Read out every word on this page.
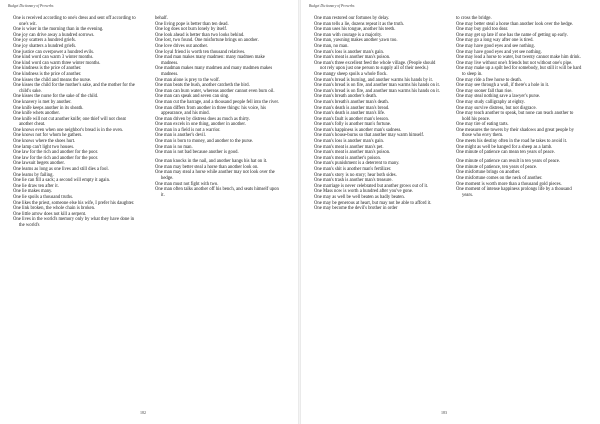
Budget Dictionary of Proverbs
One is received according to one's dress and sent off according to one's wit.
One is wiser in the morning than in the evening.
One joy can drive away a hundred sorrows.
One joy scatters a hundred griefs.
One joy shatters a hundred griefs.
One justice can overpower a hundred evils.
One kind word can warm 3 winter months.
One kind word can warm three winter months.
One kindness is the price of another.
One kindness is the price of another.
One kisses the child and means the nurse.
One kisses the child for the mother's sake, and the mother for the child's sake.
One kisses the nurse for the sake of the child.
One knavery is met by another.
One knife keeps another in its sheath.
One knife whets another.
One knife will not cut another knife; one thief will not cheat another cheat.
One knows even when one neighbor's bread is in the oven.
One knows not for whom he gathers.
One knows where the shoes hurt.
One lamp can't light two houses.
One law for the rich and another for the poor.
One law for the rich and another for the poor.
One lawsuit begets another.
One learns as long as one lives and still dies a fool.
One learns by failing.
One lie can fill a sack; a second will empty it again.
One lie draw ten after it.
One lie makes many.
One lie spoils a thousand truths.
One likes the priest, someone else his wife, I prefer his daughter.
One link broken, the whole chain is broken.
One little arrow does not kill a serpent.
One lives in the world's memory only by what they have done in the world's
behalf.
One living pope is better than ten dead.
One log does not burn lonely by itself.
One look ahead is better than two looks behind.
One lost, two found. One misfortune brings on another.
One love drives out another.
One loyal friend is worth ten thousand relatives.
One mad man makes many madmen: many madmen make madness.
One madman makes many madmen and many madmen makes madness.
One man alone is prey to the wolf.
One man beats the bush, another catcheth the bird.
One man can burn water, whereas another cannot even burn oil.
One man can speak and seven can sing.
One man cut the barrage, and a thousand people fell into the river.
One man differs from another in three things: his voice, his appearance, and his mind.
One man driven by distress does as much as thirty.
One man excels in one thing, another in another.
One man in a field is not a warrior.
One man is another's devil.
One man is born to money, and another to the purse.
One man is no man.
One man is not bad because another is good.
One man knocks in the nail, and another hangs his hat on it.
One man may better steal a horse than another look on.
One man may steal a horse while another may not look over the hedge.
One man must not fight with two.
One man often talks another off his bench, and seats himself upon it.
182
Budget Dictionary of Proverbs
One man restored our fortunes by delay.
One man tells a lie, dozens repeat it as the truth.
One man uses his tongue, another his teeth.
One man with courage is a majority.
One man, yawning makes another yawn too.
One man, no man.
One man's loss is another man's gain.
One man's meat is another man's poison.
One man's three excellent feed the whole village. (People should not rely upon just one person to supply all of their needs.)
One mangy sheep spoils a whole flock.
One man's bread is burning, and another warms his hands by it.
One man's bread is on fire, and another man warms his hands on it.
One man's bread is on fire, and another man warms his hands on it.
One man's breath another's death.
One man's breath's another man's death.
One man's death is another man's bread.
One man's death is another man's life.
One man's fault is another man's lesson.
One man's folly is another man's fortune.
One man's happiness is another man's sadness.
One man's house-burns so that another may warm himself.
One man's loss is another man's gain.
One man's meat is another man's pet.
One man's meat is another man's poison.
One man's meat is another's poison.
One man's punishment is a deterrent to many.
One man's shit is another man's fertilizer.
One man's story is no story; hear both sides.
One man's trash is another man's treasure.
One marriage is never celebrated but another grows out of it.
One Mass now is worth a hundred after you've gone.
One may as well be well beaten as badly beaten.
One may be generous at heart, but may not be able to afford it.
One may become the devil's brother in order
to cross the bridge.
One may better steal a horse than another look over the hedge.
One may buy gold too dear.
One may get up late if one has the name of getting up early.
One may go a long way after one is tired.
One may have good eyes and see nothing.
One may have good eyes and yet see nothing.
One may lead a horse to water, but twenty cannot make him drink.
One may live without one's friends but not without one's pipe.
One may make up a spilt bed for somebody, but still it will be hard to sleep in.
One may ride a free horse to death.
One may see through a wall, if there's a hole in it.
One may sooner fall than rise.
One may steal nothing save a lawyer's purse.
One may study calligraphy at eighty.
One may survive distress, but not disgrace.
One may teach another to speak, but none can teach another to hold his peace.
One may tire of eating tarts.
One measures the towers by their shadows and great people by those who envy them.
One meets his destiny often in the road he takes to avoid it.
One might as well be hanged for a sheep as a lamb.
One minute of patience can mean ten years of peace.
One minute of patience can result in ten years of peace.
One minute of patience, ten years of peace.
One misfortune brings on another.
One misfortune comes on the neck of another.
One moment is worth more than a thousand gold pieces.
One moment of intense happiness prolongs life by a thousand years.
183
